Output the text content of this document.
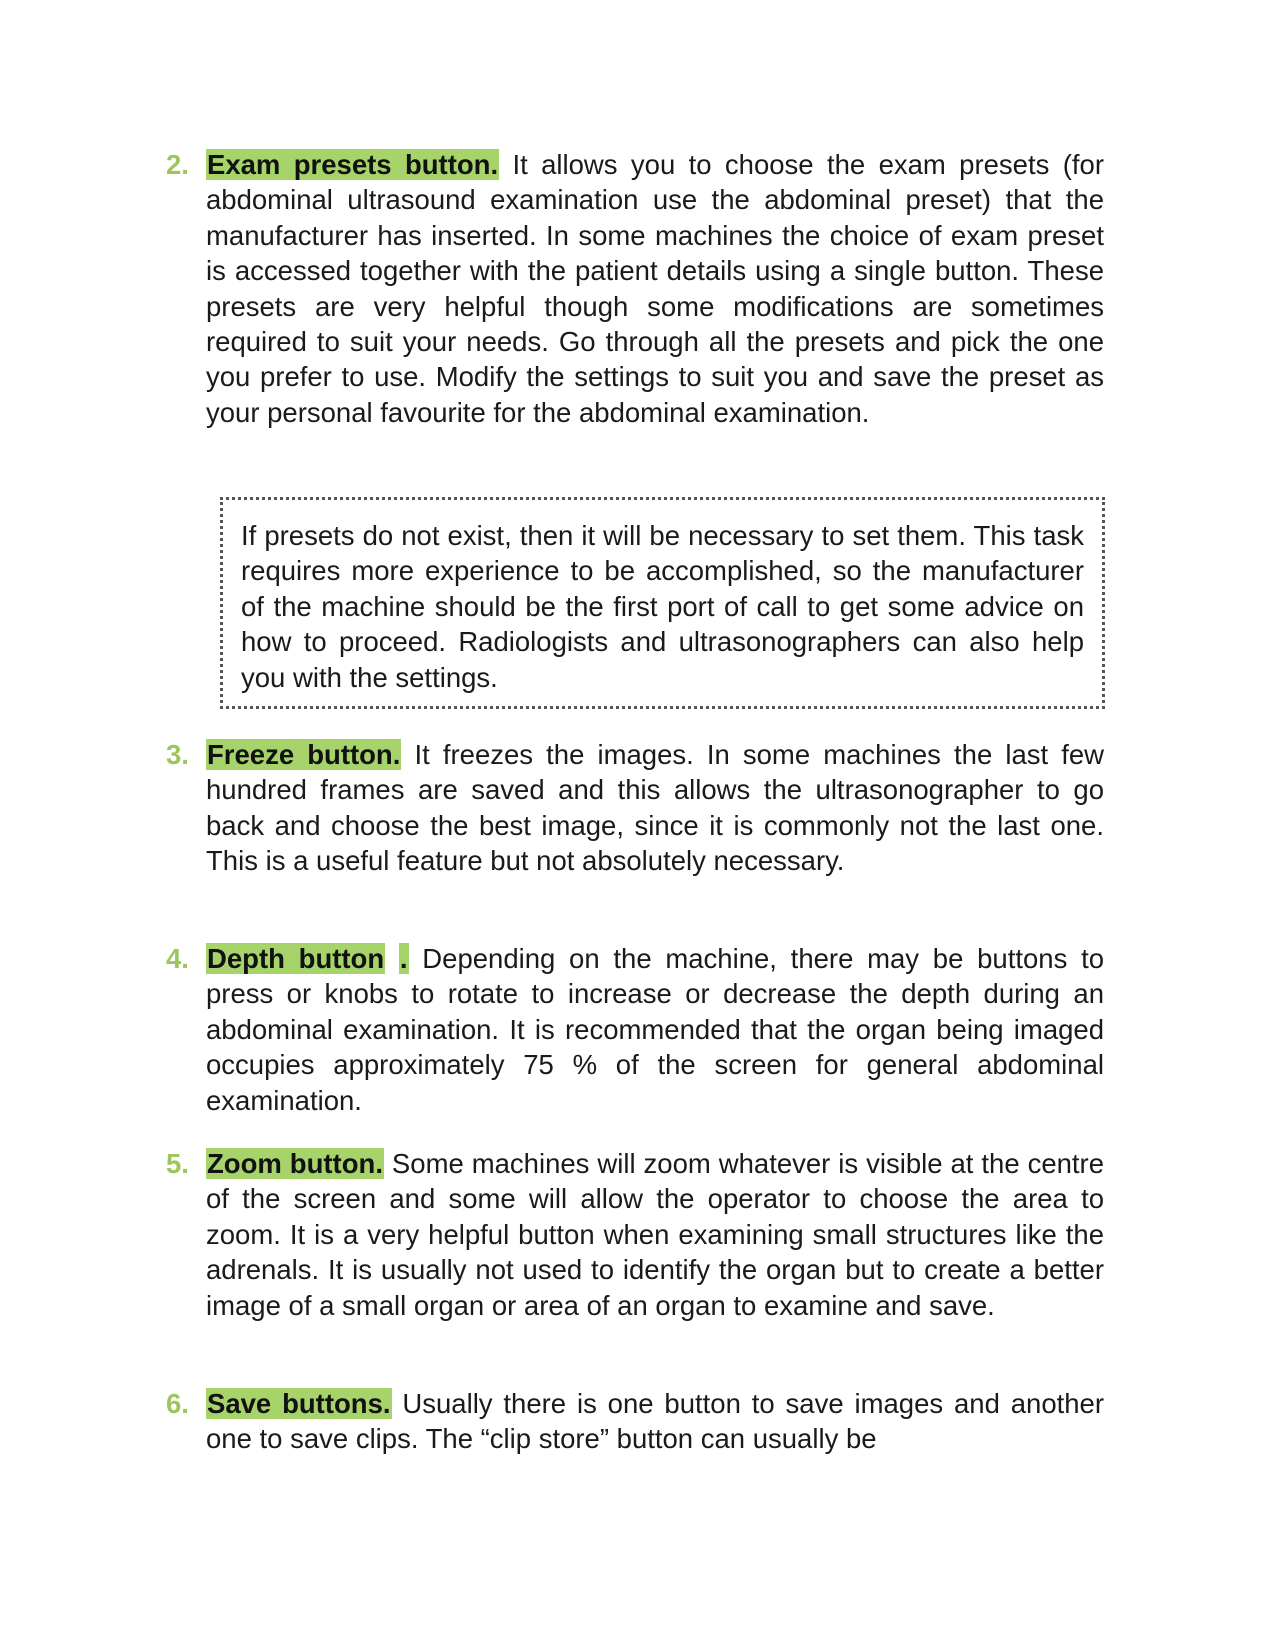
2. Exam presets button. It allows you to choose the exam presets (for abdominal ultrasound examination use the abdominal preset) that the manufacturer has inserted. In some machines the choice of exam preset is accessed together with the patient details using a single button. These presets are very helpful though some modifications are sometimes required to suit your needs. Go through all the presets and pick the one you prefer to use. Modify the settings to suit you and save the preset as your personal favourite for the abdominal examination.
If presets do not exist, then it will be necessary to set them. This task requires more experience to be accomplished, so the manufacturer of the machine should be the first port of call to get some advice on how to proceed. Radiologists and ultrasonographers can also help you with the settings.
3. Freeze button. It freezes the images. In some machines the last few hundred frames are saved and this allows the ultrasonographer to go back and choose the best image, since it is commonly not the last one. This is a useful feature but not absolutely necessary.
4. Depth button . Depending on the machine, there may be buttons to press or knobs to rotate to increase or decrease the depth during an abdominal examination. It is recommended that the organ being imaged occupies approximately 75 % of the screen for general abdominal examination.
5. Zoom button. Some machines will zoom whatever is visible at the centre of the screen and some will allow the operator to choose the area to zoom. It is a very helpful button when examining small structures like the adrenals. It is usually not used to identify the organ but to create a better image of a small organ or area of an organ to examine and save.
6. Save buttons. Usually there is one button to save images and another one to save clips. The “clip store” button can usually be
